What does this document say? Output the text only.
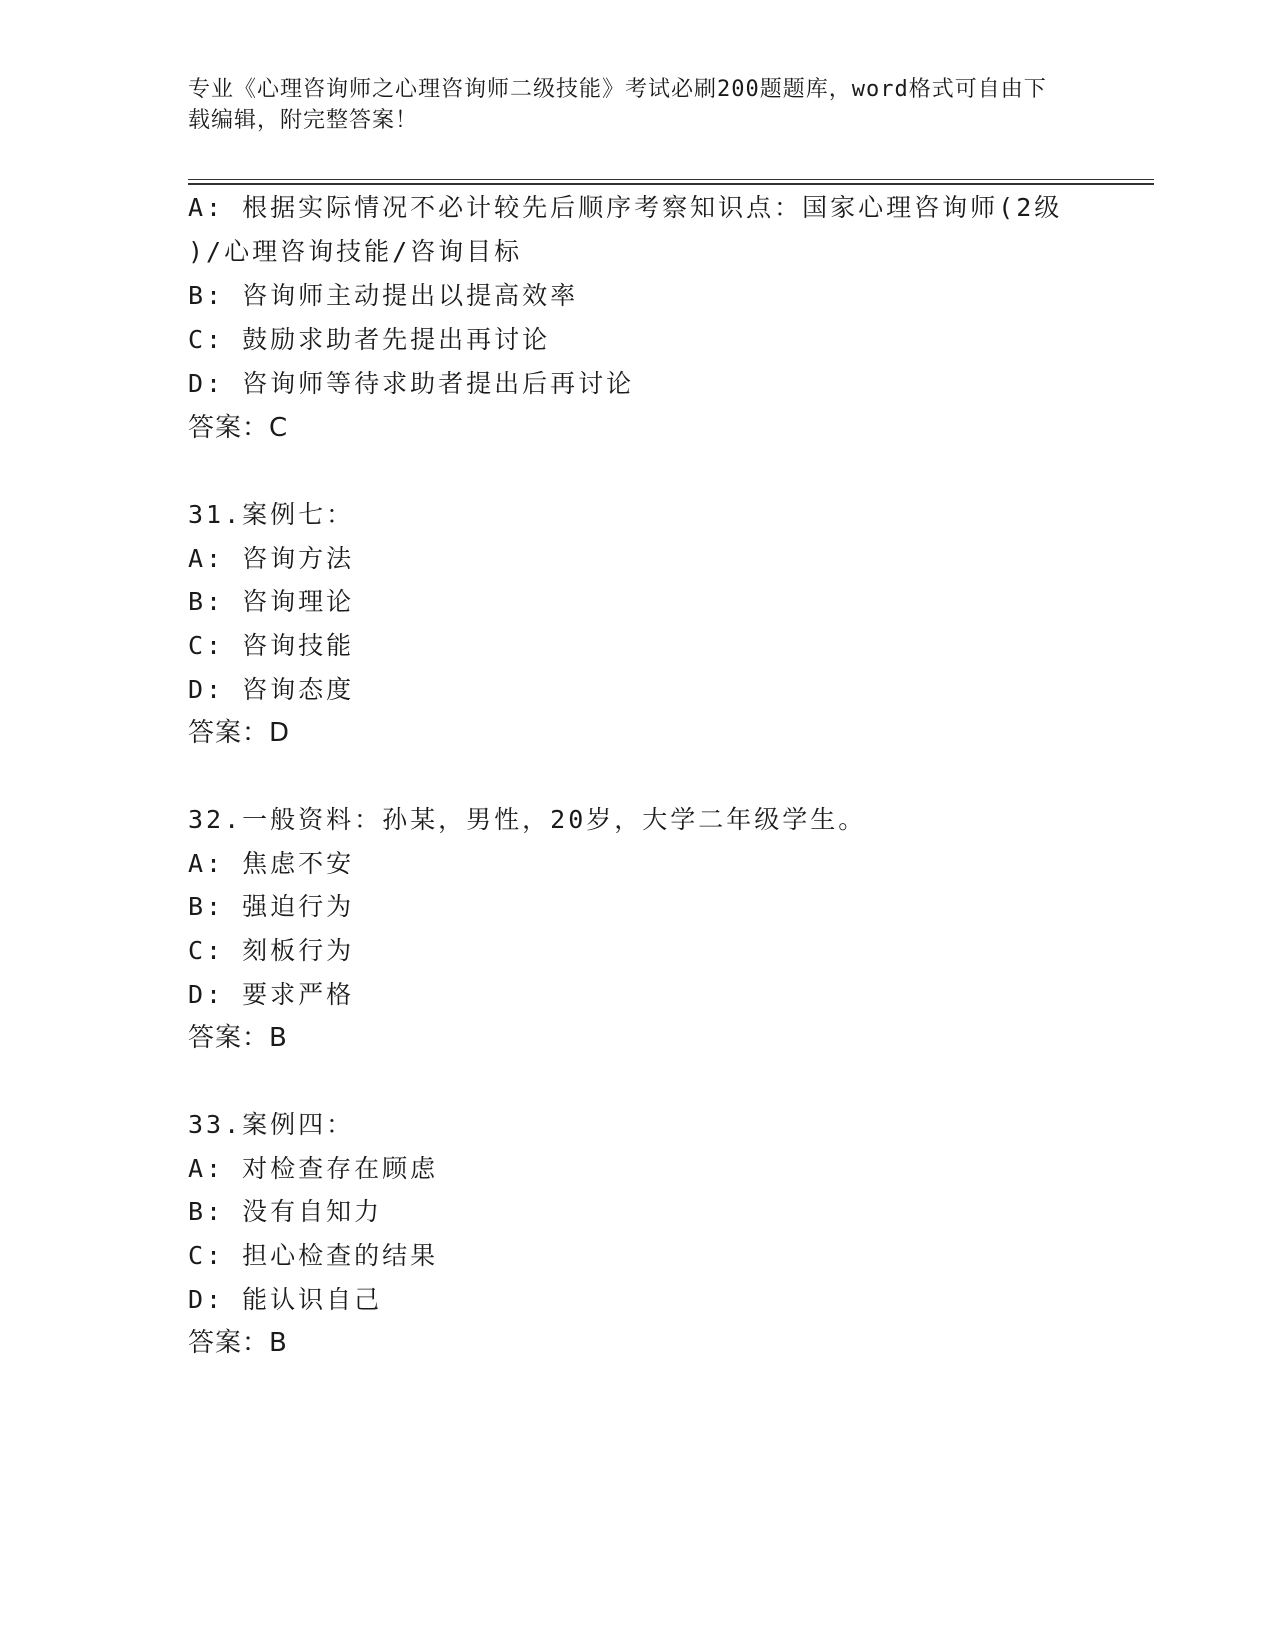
专业《心理咨询师之心理咨询师二级技能》考试必刷200题题库，word格式可自由下载编辑，附完整答案！
A: 根据实际情况不必计较先后顺序考察知识点：国家心理咨询师(2级
)/心理咨询技能/咨询目标
B: 咨询师主动提出以提高效率
C: 鼓励求助者先提出再讨论
D: 咨询师等待求助者提出后再讨论
答案：C
31.案例七：
A: 咨询方法
B: 咨询理论
C: 咨询技能
D: 咨询态度
答案：D
32.一般资料：孙某，男性，20岁，大学二年级学生。
A: 焦虑不安
B: 强迫行为
C: 刻板行为
D: 要求严格
答案：B
33.案例四：
A: 对检查存在顾虑
B: 没有自知力
C: 担心检查的结果
D: 能认识自己
答案：B
